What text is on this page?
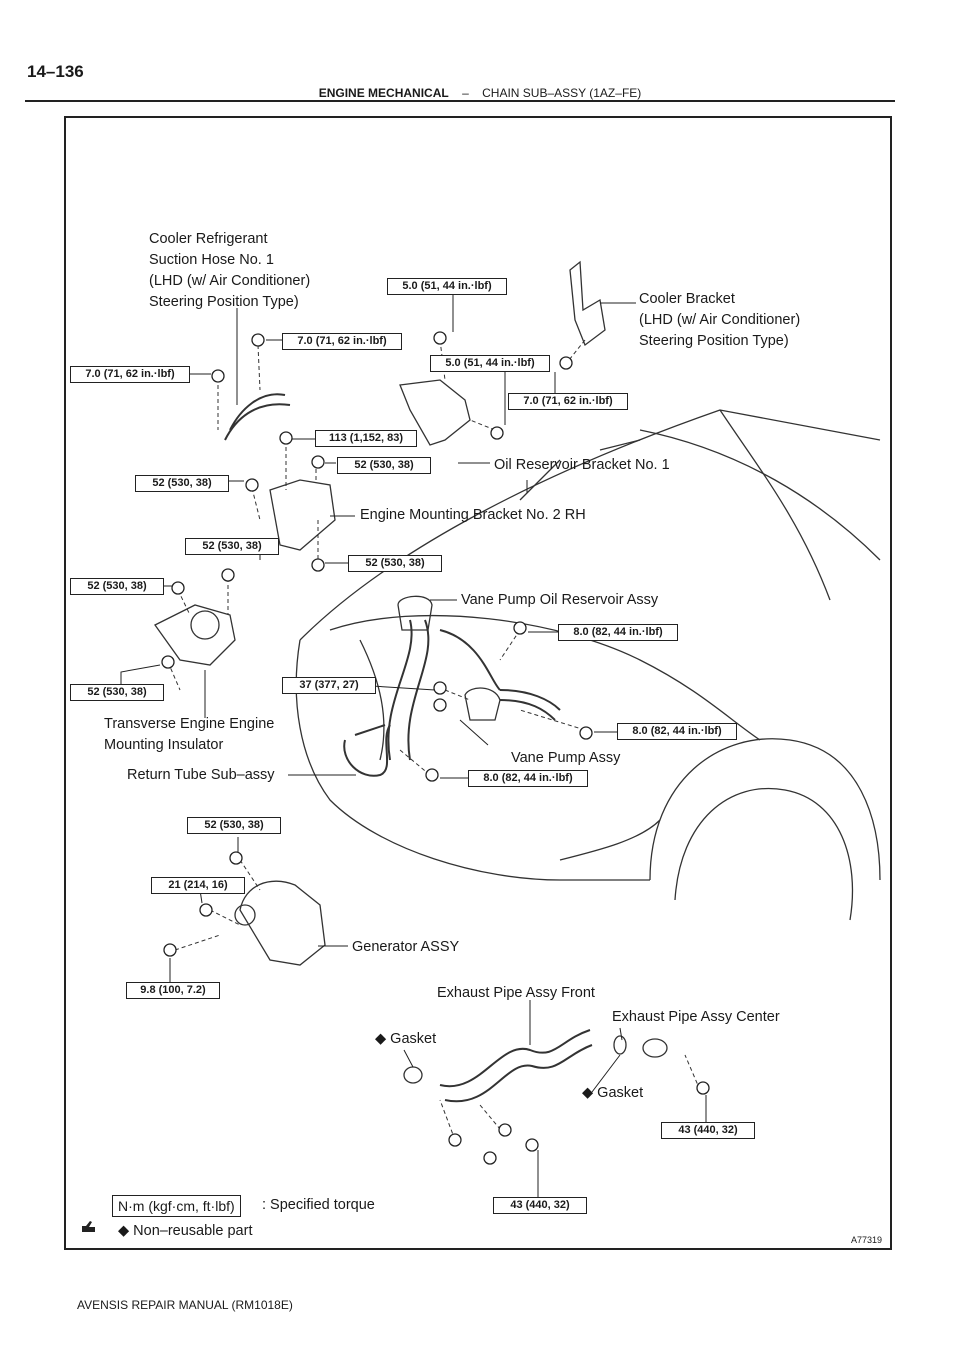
14–136
ENGINE MECHANICAL – CHAIN SUB–ASSY (1AZ–FE)
Cooler Refrigerant
Suction Hose No. 1
(LHD (w/ Air Conditioner)
Steering Position Type)	Cooler Bracket
(LHD (w/ Air Conditioner)
Steering Position Type)
Oil Reservoir Bracket No. 1
Engine Mounting Bracket No. 2 RH
Vane Pump Oil Reservoir Assy
Transverse Engine Engine
Mounting Insulator
Return Tube Sub–assy
Vane Pump Assy
Generator ASSY
Exhaust Pipe Assy Front
Exhaust Pipe Assy Center
◆ Gasket
◆ Gasket
5.0 (51, 44 in.·lbf)
7.0 (71, 62 in.·lbf)
7.0 (71, 62 in.·lbf)
5.0 (51, 44 in.·lbf)
7.0 (71, 62 in.·lbf)
113 (1,152, 83)
52 (530, 38)
52 (530, 38)
52 (530, 38)
52 (530, 38)
52 (530, 38)
8.0 (82, 44 in.·lbf)
37 (377, 27)
52 (530, 38)
8.0 (82, 44 in.·lbf)
8.0 (82, 44 in.·lbf)
52 (530, 38)
21 (214, 16)
9.8 (100, 7.2)
43 (440, 32)
43 (440, 32)
N·m (kgf·cm, ft·lbf)	: Specified torque
◆ Non–reusable part
A77319
AVENSIS REPAIR MANUAL (RM1018E)
